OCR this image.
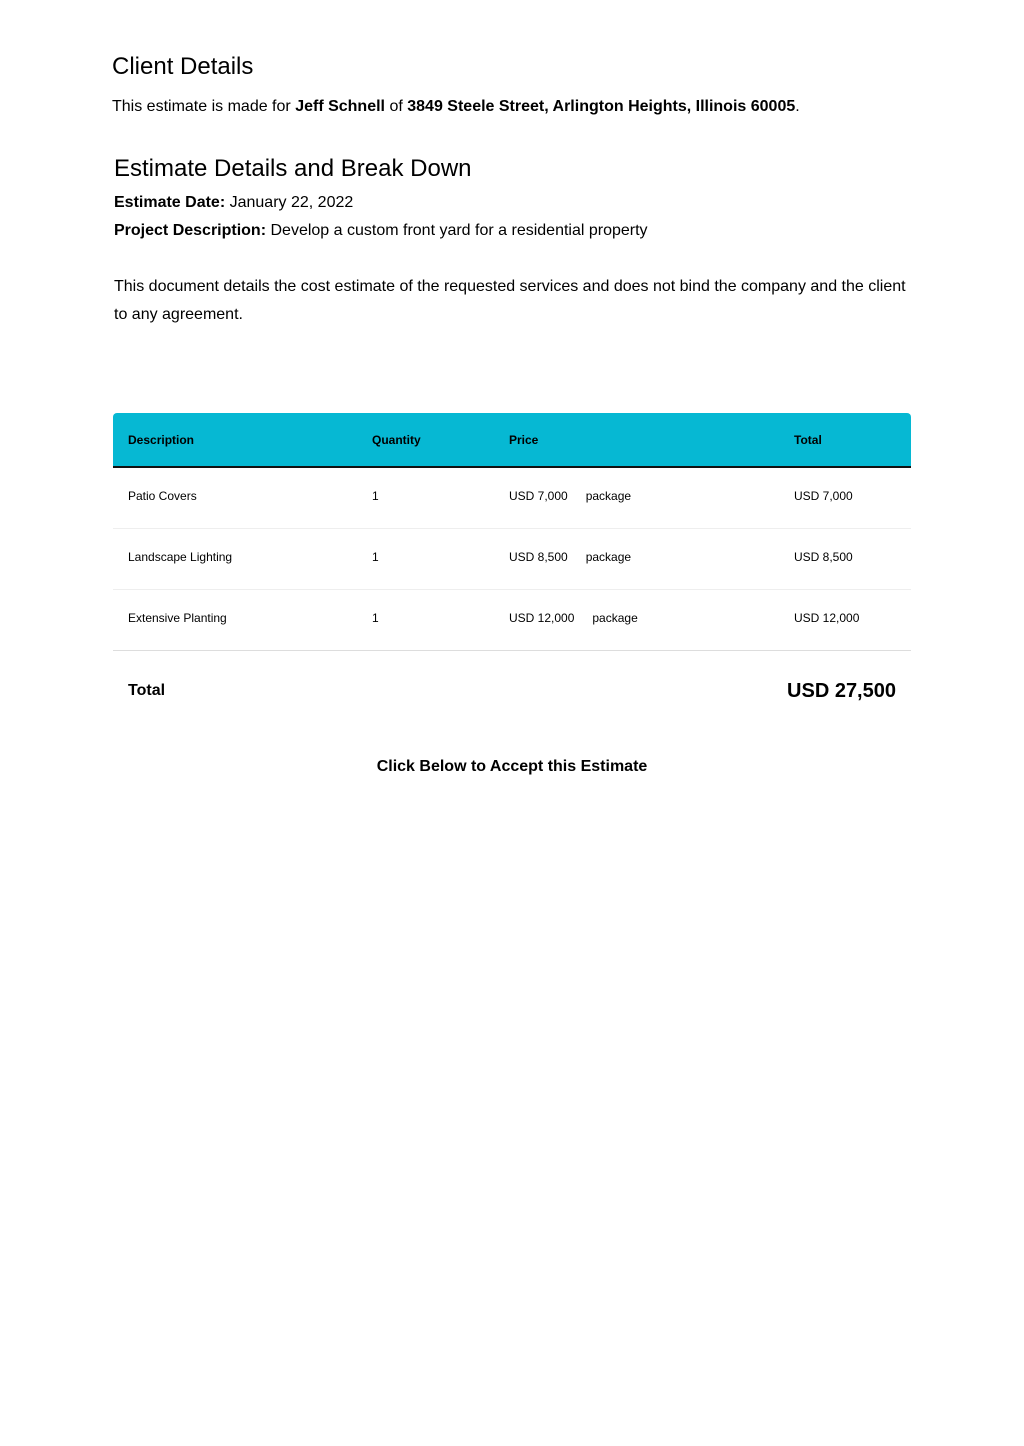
Client Details

This estimate is made for Jeff Schnell of 3849 Steele Street, Arlington Heights, Illinois 60005.

Estimate Details and Break Down

Estimate Date: January 22, 2022

Project Description: Develop a custom front yard for a residential property

This document details the cost estimate of the requested services and does not bind the company and the client to any agreement.

Description	Quantity	Price	Total
Patio Covers	1	USD 7,000 package	USD 7,000
Landscape Lighting	1	USD 8,500 package	USD 8,500
Extensive Planting	1	USD 12,000 package	USD 12,000
Total	USD 27,500
Click Below to Accept this Estimate
